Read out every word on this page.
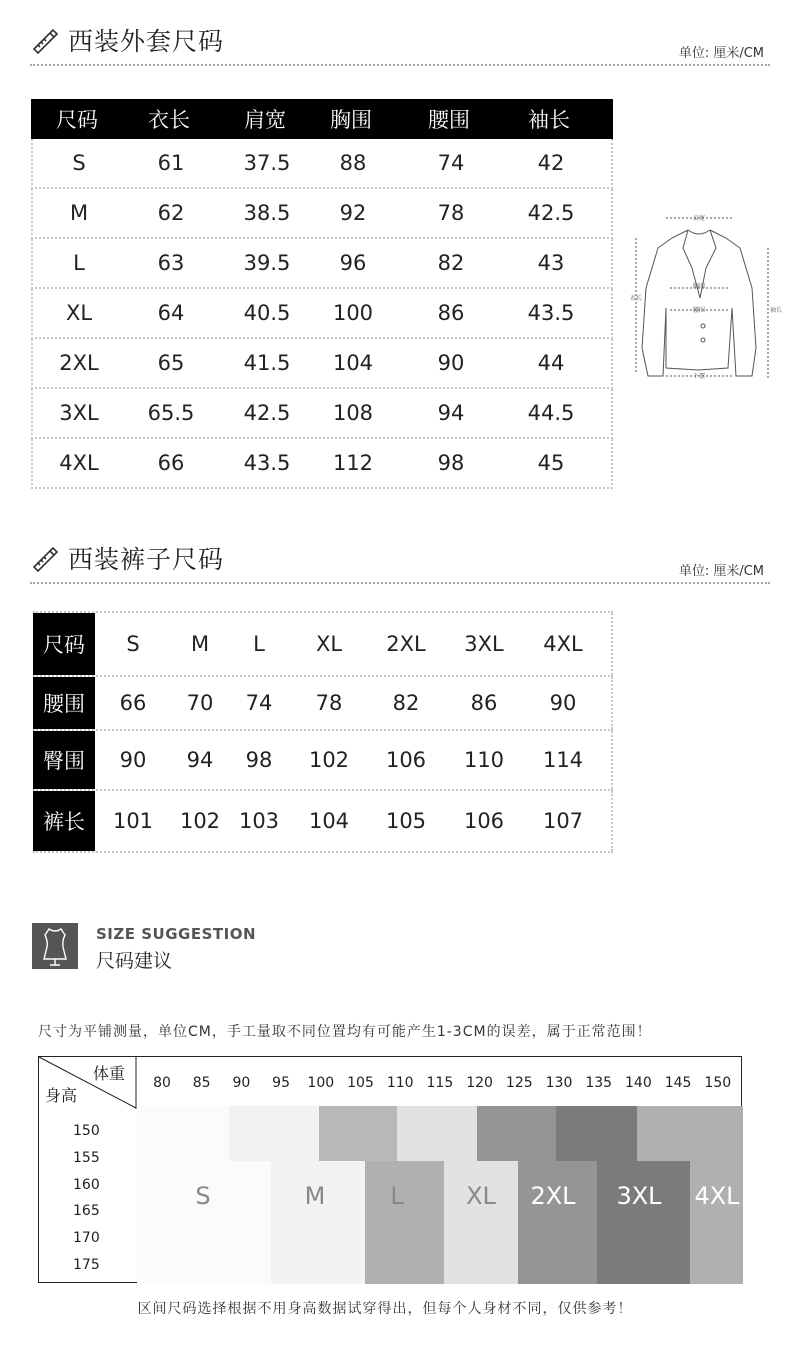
西装外套尺码	单位: 厘米/CM
尺码	衣长	肩宽	胸围	腰围	袖长
S	61	37.5	88	74	42
M	62	38.5	92	78	42.5
L	63	39.5	96	82	43
XL	64	40.5	100	86	43.5
2XL	65	41.5	104	90	44
3XL	65.5	42.5	108	94	44.5
4XL	66	43.5	112	98	45
肩宽
胸围
腰围
下摆
衣长
袖长
西装裤子尺码	单位: 厘米/CM
尺码	S	M	L	XL	2XL	3XL	4XL
腰围	66	70	74	78	82	86	90
臀围	90	94	98	102	106	110	114
裤长	101	102 103	104	105	106	107
SIZE SUGGESTION
尺码建议
尺寸为平铺测量，单位CM，手工量取不同位置均有可能产生1-3CM的误差，属于正常范围！
体重
身高
80 85 90 95 100 105 110 115 120 125 130 135 140 145 150
150
155
160
165
170
175
S	M	L	XL 2XL 3XL 4XL
区间尺码选择根据不用身高数据试穿得出，但每个人身材不同，仅供参考！
